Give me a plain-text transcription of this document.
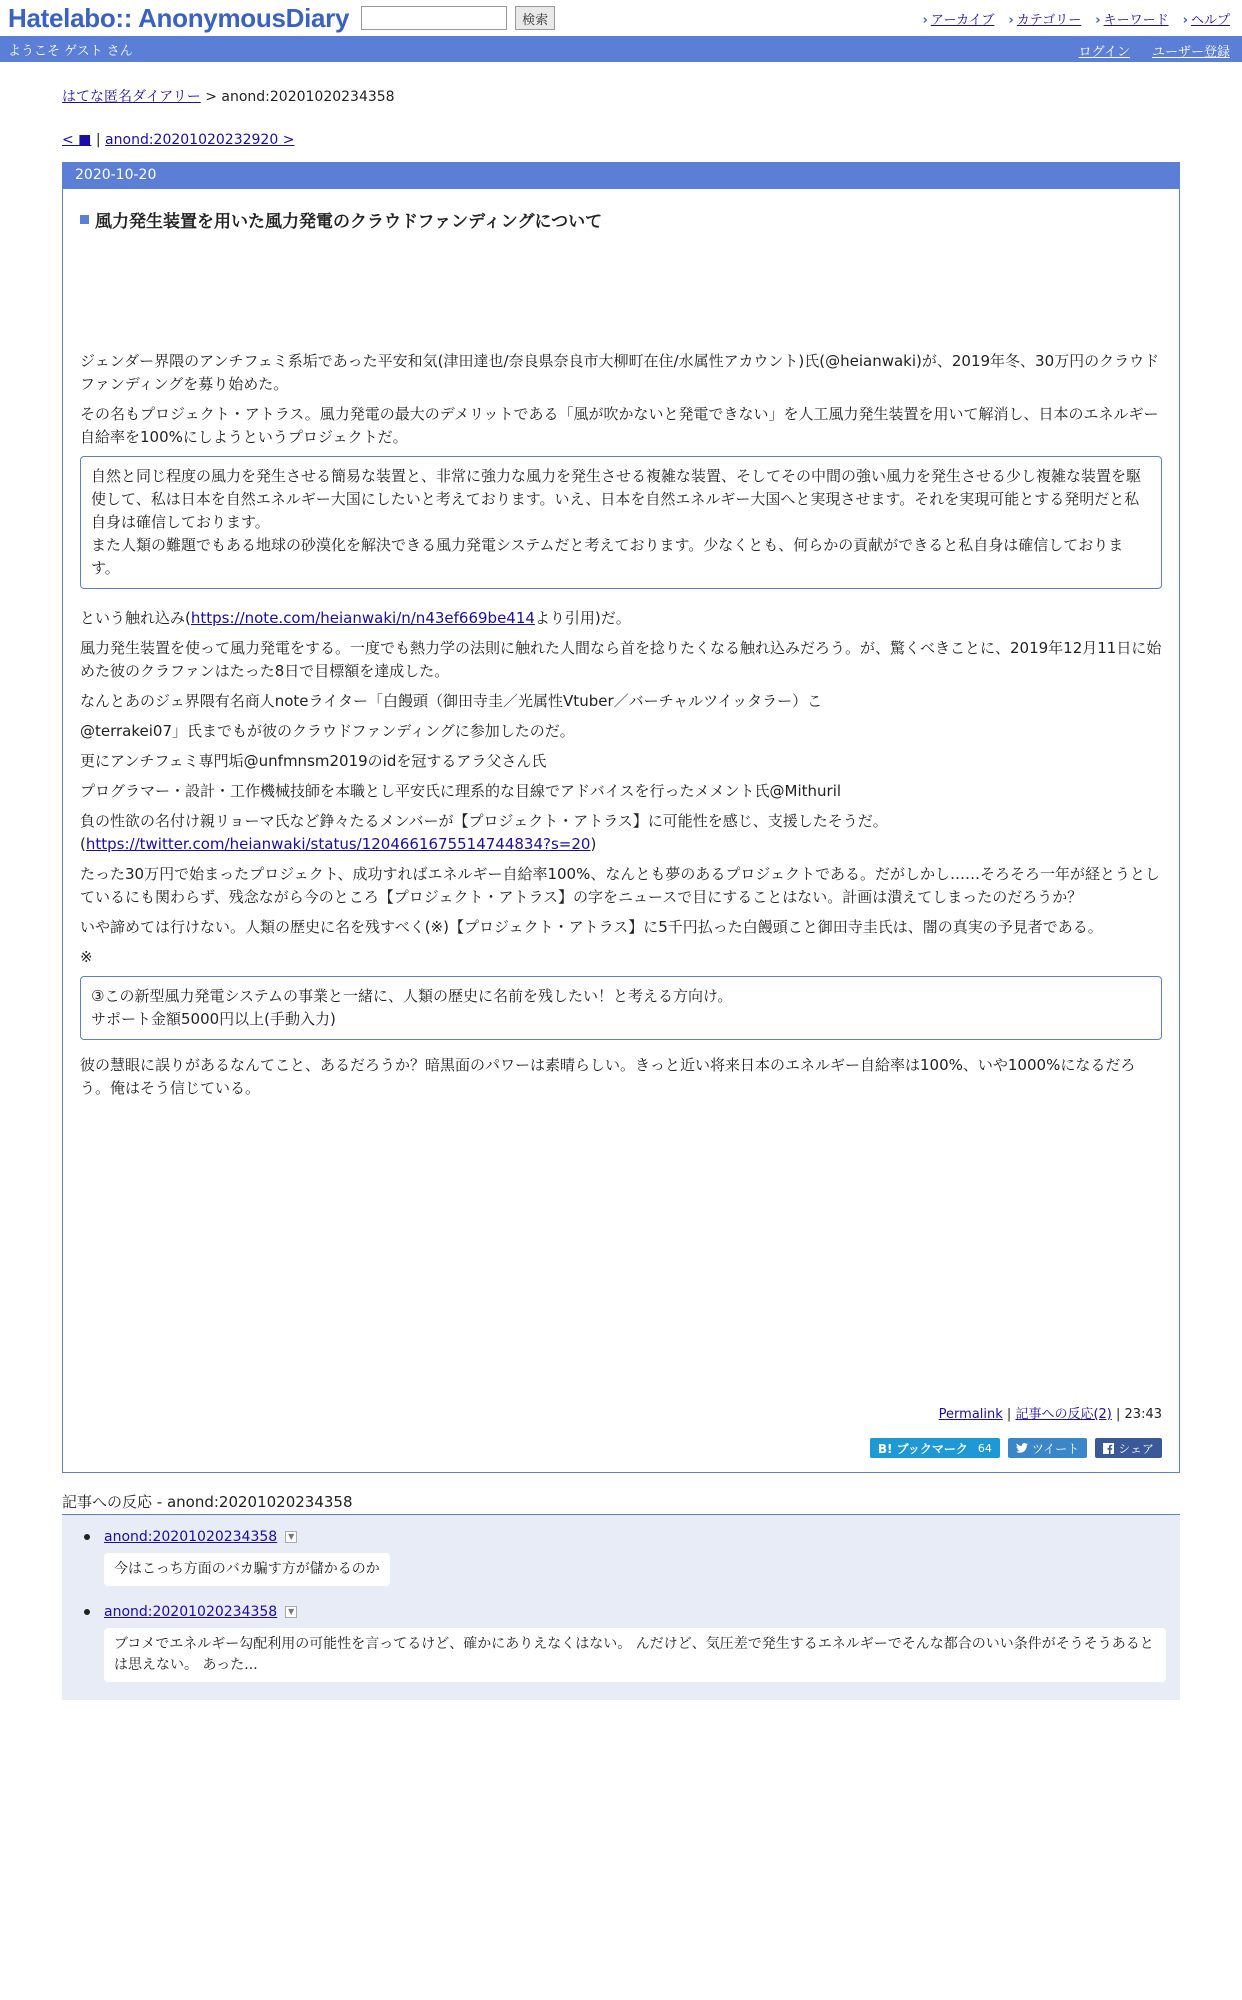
Hatelabo:: AnonymousDiary	検索	› アーカイブ	› カテゴリー	› キーワード	› ヘルプ
ようこそ ゲスト さん	ログイン ユーザー登録
はてな匿名ダイアリー > anond:20201020234358
< ■ | anond:20201020232920 >
2020-10-20
風力発生装置を用いた風力発電のクラウドファンディングについて

ジェンダー界隈のアンチフェミ系垢であった平安和気(津田達也/奈良県奈良市大柳町在住/水属性アカウント)氏(@heianwaki)が、2019年冬、30万円のクラウドファンディングを募り始めた。

その名もプロジェクト・アトラス。風力発電の最大のデメリットである「風が吹かないと発電できない」を人工風力発生装置を用いて解消し、日本のエネルギー自給率を100%にしようというプロジェクトだ。

自然と同じ程度の風力を発生させる簡易な装置と、非常に強力な風力を発生させる複雑な装置、そしてその中間の強い風力を発生させる少し複雑な装置を駆使して、私は日本を自然エネルギー大国にしたいと考えております。いえ、日本を自然エネルギー大国へと実現させます。それを実現可能とする発明だと私自身は確信しております。
また人類の難題でもある地球の砂漠化を解決できる風力発電システムだと考えております。少なくとも、何らかの貢献ができると私自身は確信しております。

という触れ込み(https://note.com/heianwaki/n/n43ef669be414より引用)だ。

風力発生装置を使って風力発電をする。一度でも熱力学の法則に触れた人間なら首を捻りたくなる触れ込みだろう。が、驚くべきことに、2019年12月11日に始めた彼のクラファンはたった8日で目標額を達成した。

なんとあのジェ界隈有名商人noteライター「白饅頭（御田寺圭／光属性Vtuber／バーチャルツイッタラー）こ

@terrakei07」氏までもが彼のクラウドファンディングに参加したのだ。

更にアンチフェミ専門垢@unfmnsm2019のidを冠するアラ父さん氏

プログラマー・設計・工作機械技師を本職とし平安氏に理系的な目線でアドバイスを行ったメメント氏@Mithuril

負の性欲の名付け親リョーマ氏など錚々たるメンバーが【プロジェクト・アトラス】に可能性を感じ、支援したそうだ。
(https://twitter.com/heianwaki/status/1204661675514744834?s=20)

たった30万円で始まったプロジェクト、成功すればエネルギー自給率100%、なんとも夢のあるプロジェクトである。だがしかし……そろそろ一年が経とうとしているにも関わらず、残念ながら今のところ【プロジェクト・アトラス】の字をニュースで目にすることはない。計画は潰えてしまったのだろうか？

いや諦めては行けない。人類の歴史に名を残すべく(※)【プロジェクト・アトラス】に5千円払った白饅頭こと御田寺圭氏は、闇の真実の予見者である。

※

③この新型風力発電システムの事業と一緒に、人類の歴史に名前を残したい！と考える方向け。
サポート金額5000円以上(手動入力)

彼の慧眼に誤りがあるなんてこと、あるだろうか？暗黒面のパワーは素晴らしい。きっと近い将来日本のエネルギー自給率は100%、いや1000%になるだろう。俺はそう信じている。

Permalink | 記事への反応(2) | 23:43
B! ブックマーク 64	ツイート	シェア
記事への反応 - anond:20201020234358
anond:20201020234358	▼
今はこっち方面のバカ騙す方が儲かるのか
anond:20201020234358	▼
ブコメでエネルギー勾配利用の可能性を言ってるけど、確かにありえなくはない。 んだけど、気圧差で発生するエネルギーでそんな都合のいい条件がそうそうあるとは思えない。 あった...
